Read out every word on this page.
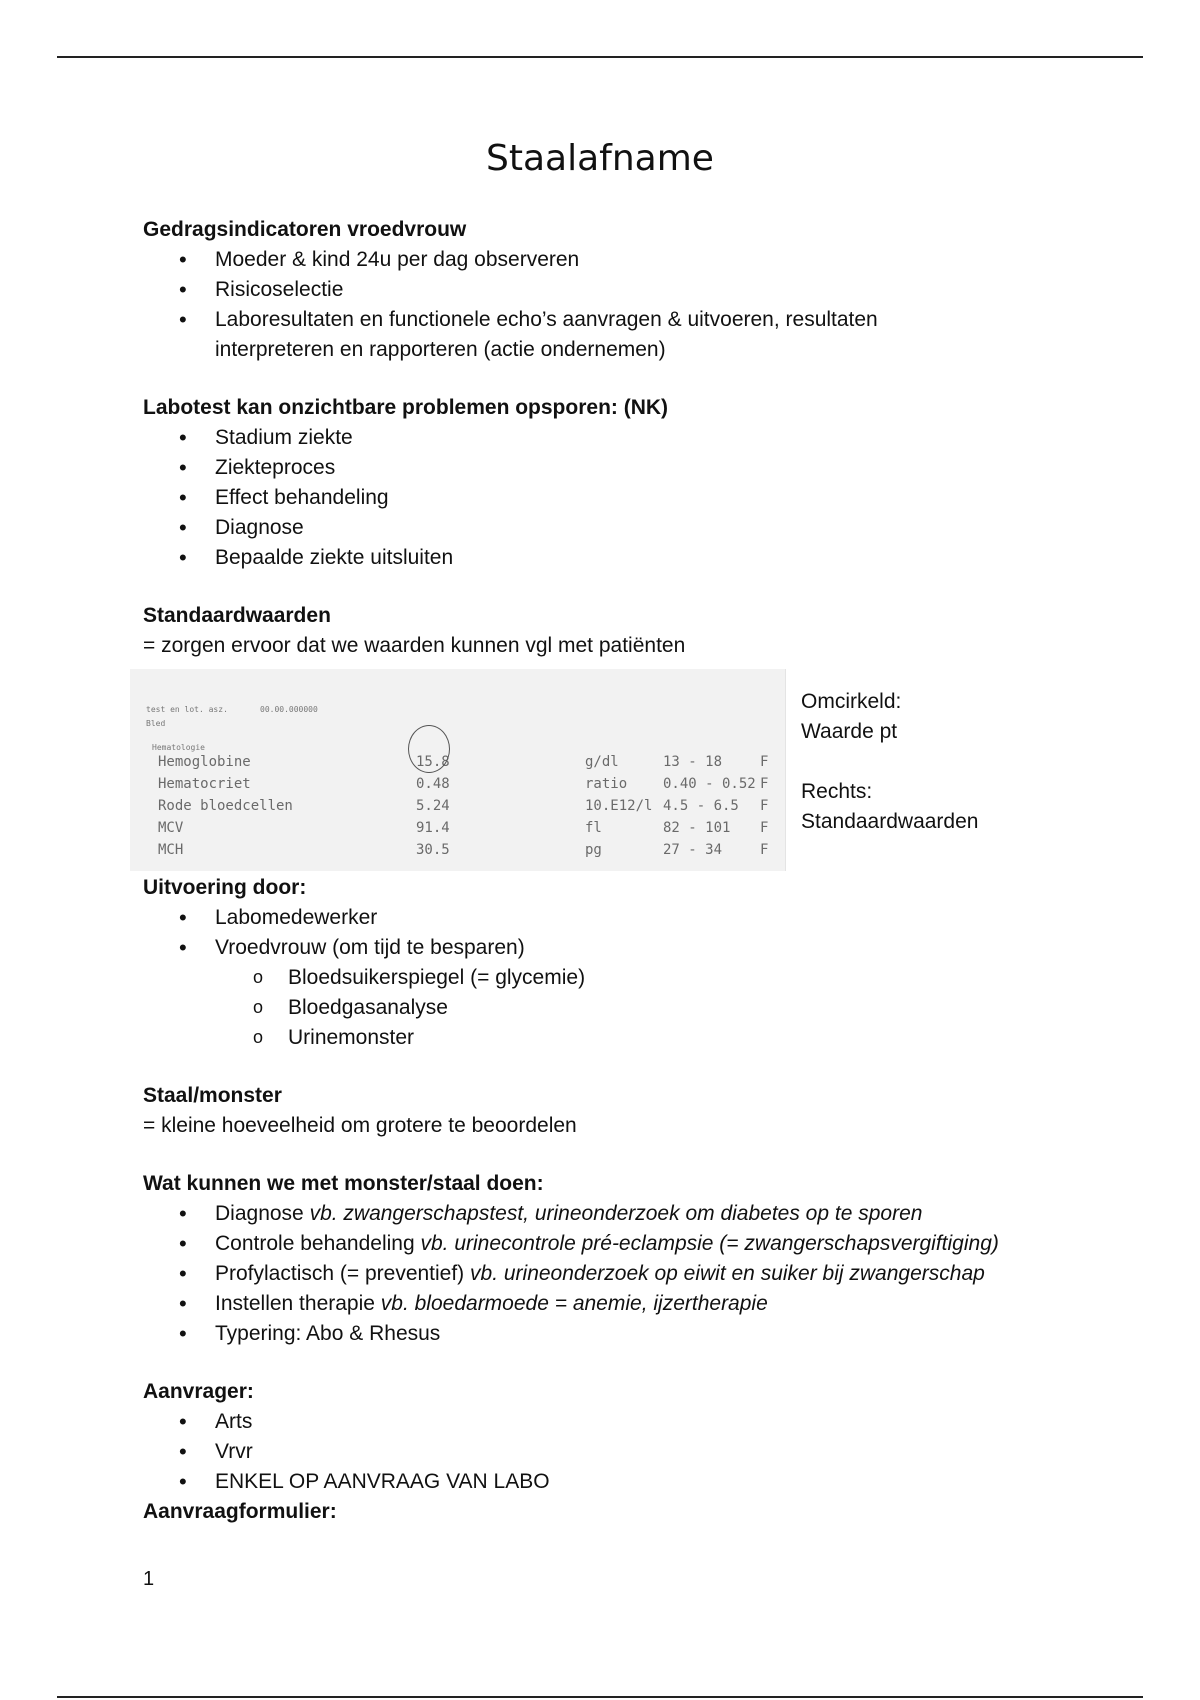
Staalafname

Gedragsindicatoren vroedvrouw

• Moeder & kind 24u per dag observeren
• Risicoselectie
• Laboresultaten en functionele echo’s aanvragen & uitvoeren, resultaten
interpreteren en rapporteren (actie ondernemen)

Labotest kan onzichtbare problemen opsporen: (NK)

• Stadium ziekte
• Ziekteproces
• Effect behandeling
• Diagnose
• Bepaalde ziekte uitsluiten

Standaardwaarden

= zorgen ervoor dat we waarden kunnen vgl met patiënten

test en lot. asz.	00.00.000000
Bled
Hematologie
Hemoglobine	15.8	g/dl	13 - 18	F
Hematocriet	0.48	ratio	0.40 - 0.52 F
Rode bloedcellen	5.24	10.E12/l 4.5 - 6.5 F
MCV	91.4	fl	82 - 101 F
MCH	30.5	pg	27 - 34	F

Omcirkeld:

Waarde pt

Rechts:

Standaardwaarden

Uitvoering door:

• Labomedewerker
• Vroedvrouw (om tijd te besparen)
o Bloedsuikerspiegel (= glycemie)
o Bloedgasanalyse
o Urinemonster

Staal/monster

= kleine hoeveelheid om grotere te beoordelen

Wat kunnen we met monster/staal doen:

• Diagnose vb. zwangerschapstest, urineonderzoek om diabetes op te sporen
• Controle behandeling vb. urinecontrole pré-eclampsie (= zwangerschapsvergiftiging)
• Profylactisch (= preventief) vb. urineonderzoek op eiwit en suiker bij zwangerschap
• Instellen therapie vb. bloedarmoede = anemie, ijzertherapie
• Typering: Abo & Rhesus

Aanvrager:

• Arts
• Vrvr
• ENKEL OP AANVRAAG VAN LABO

Aanvraagformulier:

1
